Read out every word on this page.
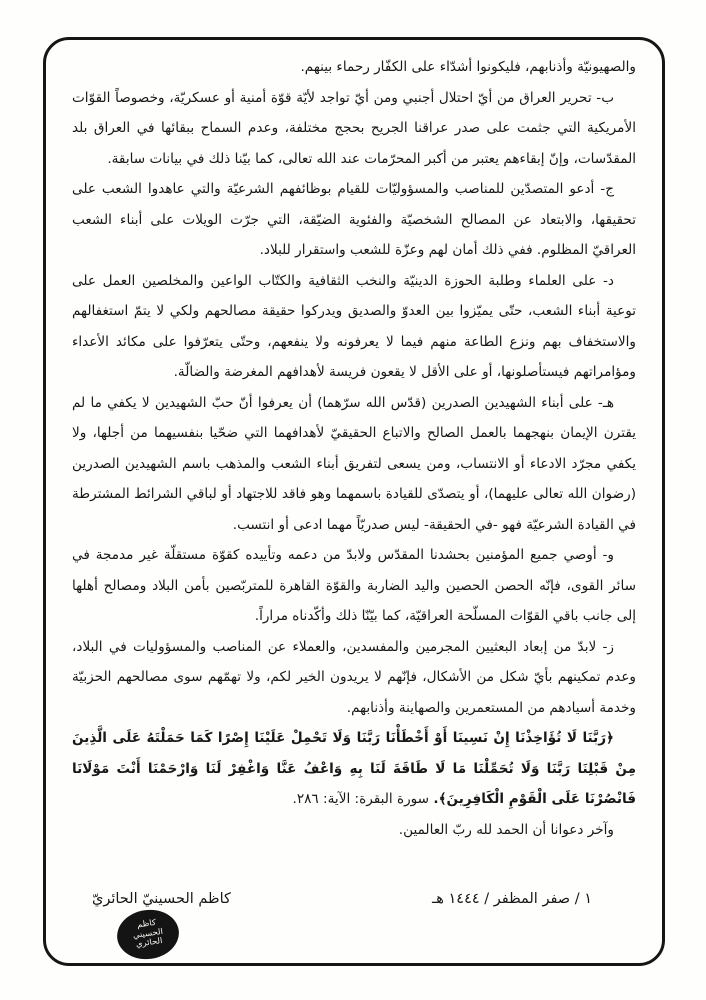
والصهيونيّة وأذنابهم، فليكونوا أشدّاء على الكفّار رحماء بينهم.

ب- تحرير العراق من أيّ احتلال أجنبي ومن أيّ تواجد لأيّة قوّة أمنية أو عسكريّة، وخصوصاً القوّات الأمريكية التي جثمت على صدر عراقنا الجريح بحجج مختلفة، وعدم السماح ببقائها في العراق بلد المقدّسات، وإنّ إبقاءهم يعتبر من أكبر المحرّمات عند الله تعالى، كما بيّنا ذلك في بيانات سابقة.

ج- أدعو المتصدّين للمناصب والمسؤوليّات للقيام بوظائفهم الشرعيّة والتي عاهدوا الشعب على تحقيقها، والابتعاد عن المصالح الشخصيّة والفئوية الضيّقة، التي جرّت الويلات على أبناء الشعب العراقيّ المظلوم. ففي ذلك أمان لهم وعزّة للشعب واستقرار للبلاد.

د- على العلماء وطلبة الحوزة الدينيّة والنخب الثقافية والكتّاب الواعين والمخلصين العمل على توعية أبناء الشعب، حتّى يميّزوا بين العدوّ والصديق ويدركوا حقيقة مصالحهم ولكي لا يتمّ استغفالهم والاستخفاف بهم ونزع الطاعة منهم فيما لا يعرفونه ولا ينفعهم، وحتّى يتعرّفوا على مكائد الأعداء ومؤامراتهم فيستأصلونها، أو على الأقل لا يقعون فريسة لأهدافهم المغرضة والضالّة.

هـ- على أبناء الشهيدين الصدرين (قدّس الله سرّهما) أن يعرفوا أنّ حبّ الشهيدين لا يكفي ما لم يقترن الإيمان بنهجهما بالعمل الصالح والاتباع الحقيقيّ لأهدافهما التي ضحّيا بنفسيهما من أجلها، ولا يكفي مجرّد الادعاء أو الانتساب، ومن يسعى لتفريق أبناء الشعب والمذهب باسم الشهيدين الصدرين (رضوان الله تعالى عليهما)، أو يتصدّى للقيادة باسمهما وهو فاقد للاجتهاد أو لباقي الشرائط المشترطة في القيادة الشرعيّة فهو -في الحقيقة- ليس صدريّاً مهما ادعى أو انتسب.

و- أوصي جميع المؤمنين بحشدنا المقدّس ولابدّ من دعمه وتأييده كقوّة مستقلّة غير مدمجة في سائر القوى، فإنّه الحصن الحصين واليد الضاربة والقوّة القاهرة للمتربّصين بأمن البلاد ومصالح أهلها إلى جانب باقي القوّات المسلّحة العراقيّة، كما بيّنّا ذلك وأكّدناه مراراً.

ز- لابدّ من إبعاد البعثيين المجرمين والمفسدين، والعملاء عن المناصب والمسؤوليات في البلاد، وعدم تمكينهم بأيّ شكل من الأشكال، فإنّهم لا يريدون الخير لكم، ولا تهمّهم سوى مصالحهم الحزبيّة وخدمة أسيادهم من المستعمرين والصهاينة وأذنابهم.

﴿رَبَّنَا لَا تُؤَاخِذْنَا إِنْ نَسِينَا أَوْ أَخْطَأْنَا رَبَّنَا وَلَا تَحْمِلْ عَلَيْنَا إِصْرًا كَمَا حَمَلْتَهُ عَلَى الَّذِينَ مِنْ قَبْلِنَا رَبَّنَا وَلَا تُحَمِّلْنَا مَا لَا طَاقَةَ لَنَا بِهِ وَاعْفُ عَنَّا وَاغْفِرْ لَنَا وَارْحَمْنَا أَنْتَ مَوْلَانَا فَانْصُرْنَا عَلَى الْقَوْمِ الْكَافِرِينَ﴾. سورة البقرة: الآية: ٢٨٦.

وآخر دعوانا أن الحمد لله ربّ العالمين.

١ / صفر المظفر / ١٤٤٤ هـ
كاظم الحسينيّ الحائريّ
كاظم
الحسيني
الحائري
